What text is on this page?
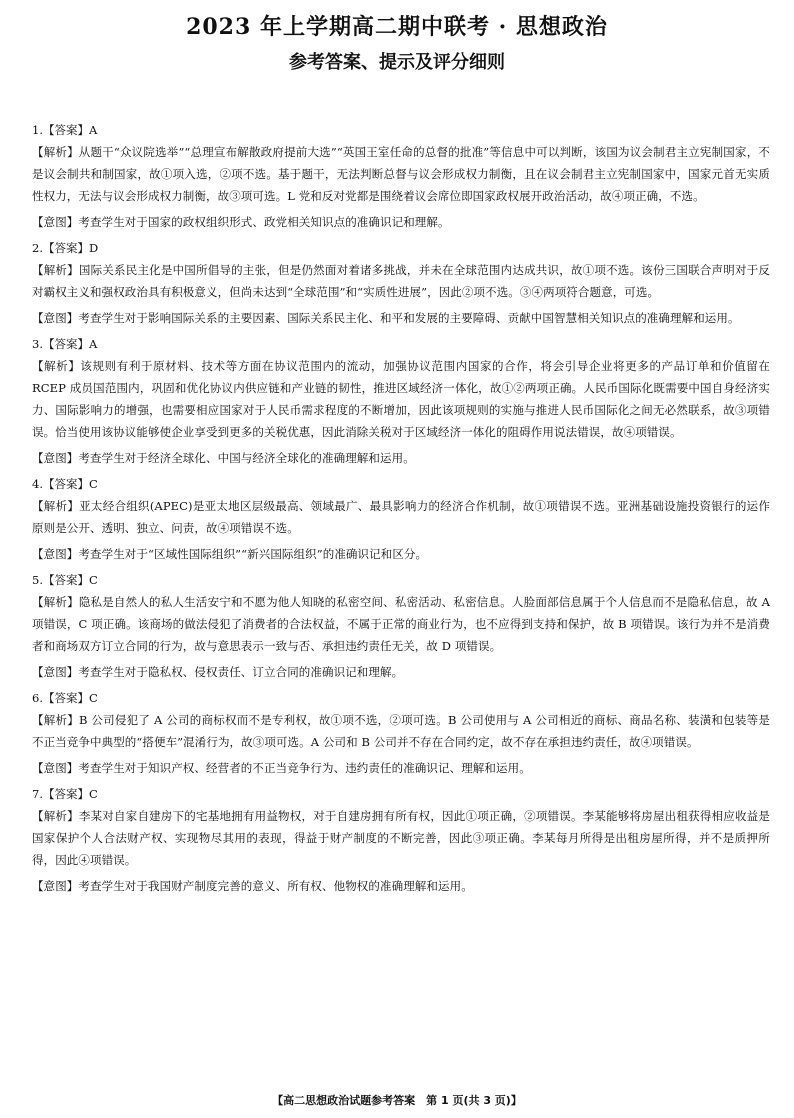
2023 年上学期高二期中联考 · 思想政治
参考答案、提示及评分细则
1.【答案】A

【解析】从题干“众议院选举”“总理宣布解散政府提前大选”“英国王室任命的总督的批准”等信息中可以判断，该国为议会制君主立宪制国家，不是议会制共和制国家，故①项入选，②项不选。基于题干，无法判断总督与议会形成权力制衡，且在议会制君主立宪制国家中，国家元首无实质性权力，无法与议会形成权力制衡，故③项可选。L 党和反对党都是围绕着议会席位即国家政权展开政治活动，故④项正确，不选。

【意图】考查学生对于国家的政权组织形式、政党相关知识点的准确识记和理解。

2.【答案】D

【解析】国际关系民主化是中国所倡导的主张，但是仍然面对着诸多挑战，并未在全球范围内达成共识，故①项不选。该份三国联合声明对于反对霸权主义和强权政治具有积极意义，但尚未达到“全球范围”和“实质性进展”，因此②项不选。③④两项符合题意，可选。

【意图】考查学生对于影响国际关系的主要因素、国际关系民主化、和平和发展的主要障碍、贡献中国智慧相关知识点的准确理解和运用。

3.【答案】A

【解析】该规则有利于原材料、技术等方面在协议范围内的流动，加强协议范围内国家的合作，将会引导企业将更多的产品订单和价值留在 RCEP 成员国范围内，巩固和优化协议内供应链和产业链的韧性，推进区域经济一体化，故①②两项正确。人民币国际化既需要中国自身经济实力、国际影响力的增强，也需要相应国家对于人民币需求程度的不断增加，因此该项规则的实施与推进人民币国际化之间无必然联系，故③项错误。恰当使用该协议能够使企业享受到更多的关税优惠，因此消除关税对于区域经济一体化的阻碍作用说法错误，故④项错误。

【意图】考查学生对于经济全球化、中国与经济全球化的准确理解和运用。

4.【答案】C

【解析】亚太经合组织(APEC)是亚太地区层级最高、领域最广、最具影响力的经济合作机制，故①项错误不选。亚洲基础设施投资银行的运作原则是公开、透明、独立、问责，故④项错误不选。

【意图】考查学生对于“区域性国际组织”“新兴国际组织”的准确识记和区分。

5.【答案】C

【解析】隐私是自然人的私人生活安宁和不愿为他人知晓的私密空间、私密活动、私密信息。人脸面部信息属于个人信息而不是隐私信息，故 A 项错误，C 项正确。该商场的做法侵犯了消费者的合法权益，不属于正常的商业行为，也不应得到支持和保护，故 B 项错误。该行为并不是消费者和商场双方订立合同的行为，故与意思表示一致与否、承担违约责任无关，故 D 项错误。

【意图】考查学生对于隐私权、侵权责任、订立合同的准确识记和理解。

6.【答案】C

【解析】B 公司侵犯了 A 公司的商标权而不是专利权，故①项不选，②项可选。B 公司使用与 A 公司相近的商标、商品名称、装潢和包装等是不正当竞争中典型的“搭便车”混淆行为，故③项可选。A 公司和 B 公司并不存在合同约定，故不存在承担违约责任，故④项错误。

【意图】考查学生对于知识产权、经营者的不正当竞争行为、违约责任的准确识记、理解和运用。

7.【答案】C

【解析】李某对自家自建房下的宅基地拥有用益物权，对于自建房拥有所有权，因此①项正确，②项错误。李某能够将房屋出租获得相应收益是国家保护个人合法财产权、实现物尽其用的表现，得益于财产制度的不断完善，因此③项正确。李某每月所得是出租房屋所得，并不是质押所得，因此④项错误。

【意图】考查学生对于我国财产制度完善的意义、所有权、他物权的准确理解和运用。

【高二思想政治试题参考答案　第 1 页(共 3 页)】
